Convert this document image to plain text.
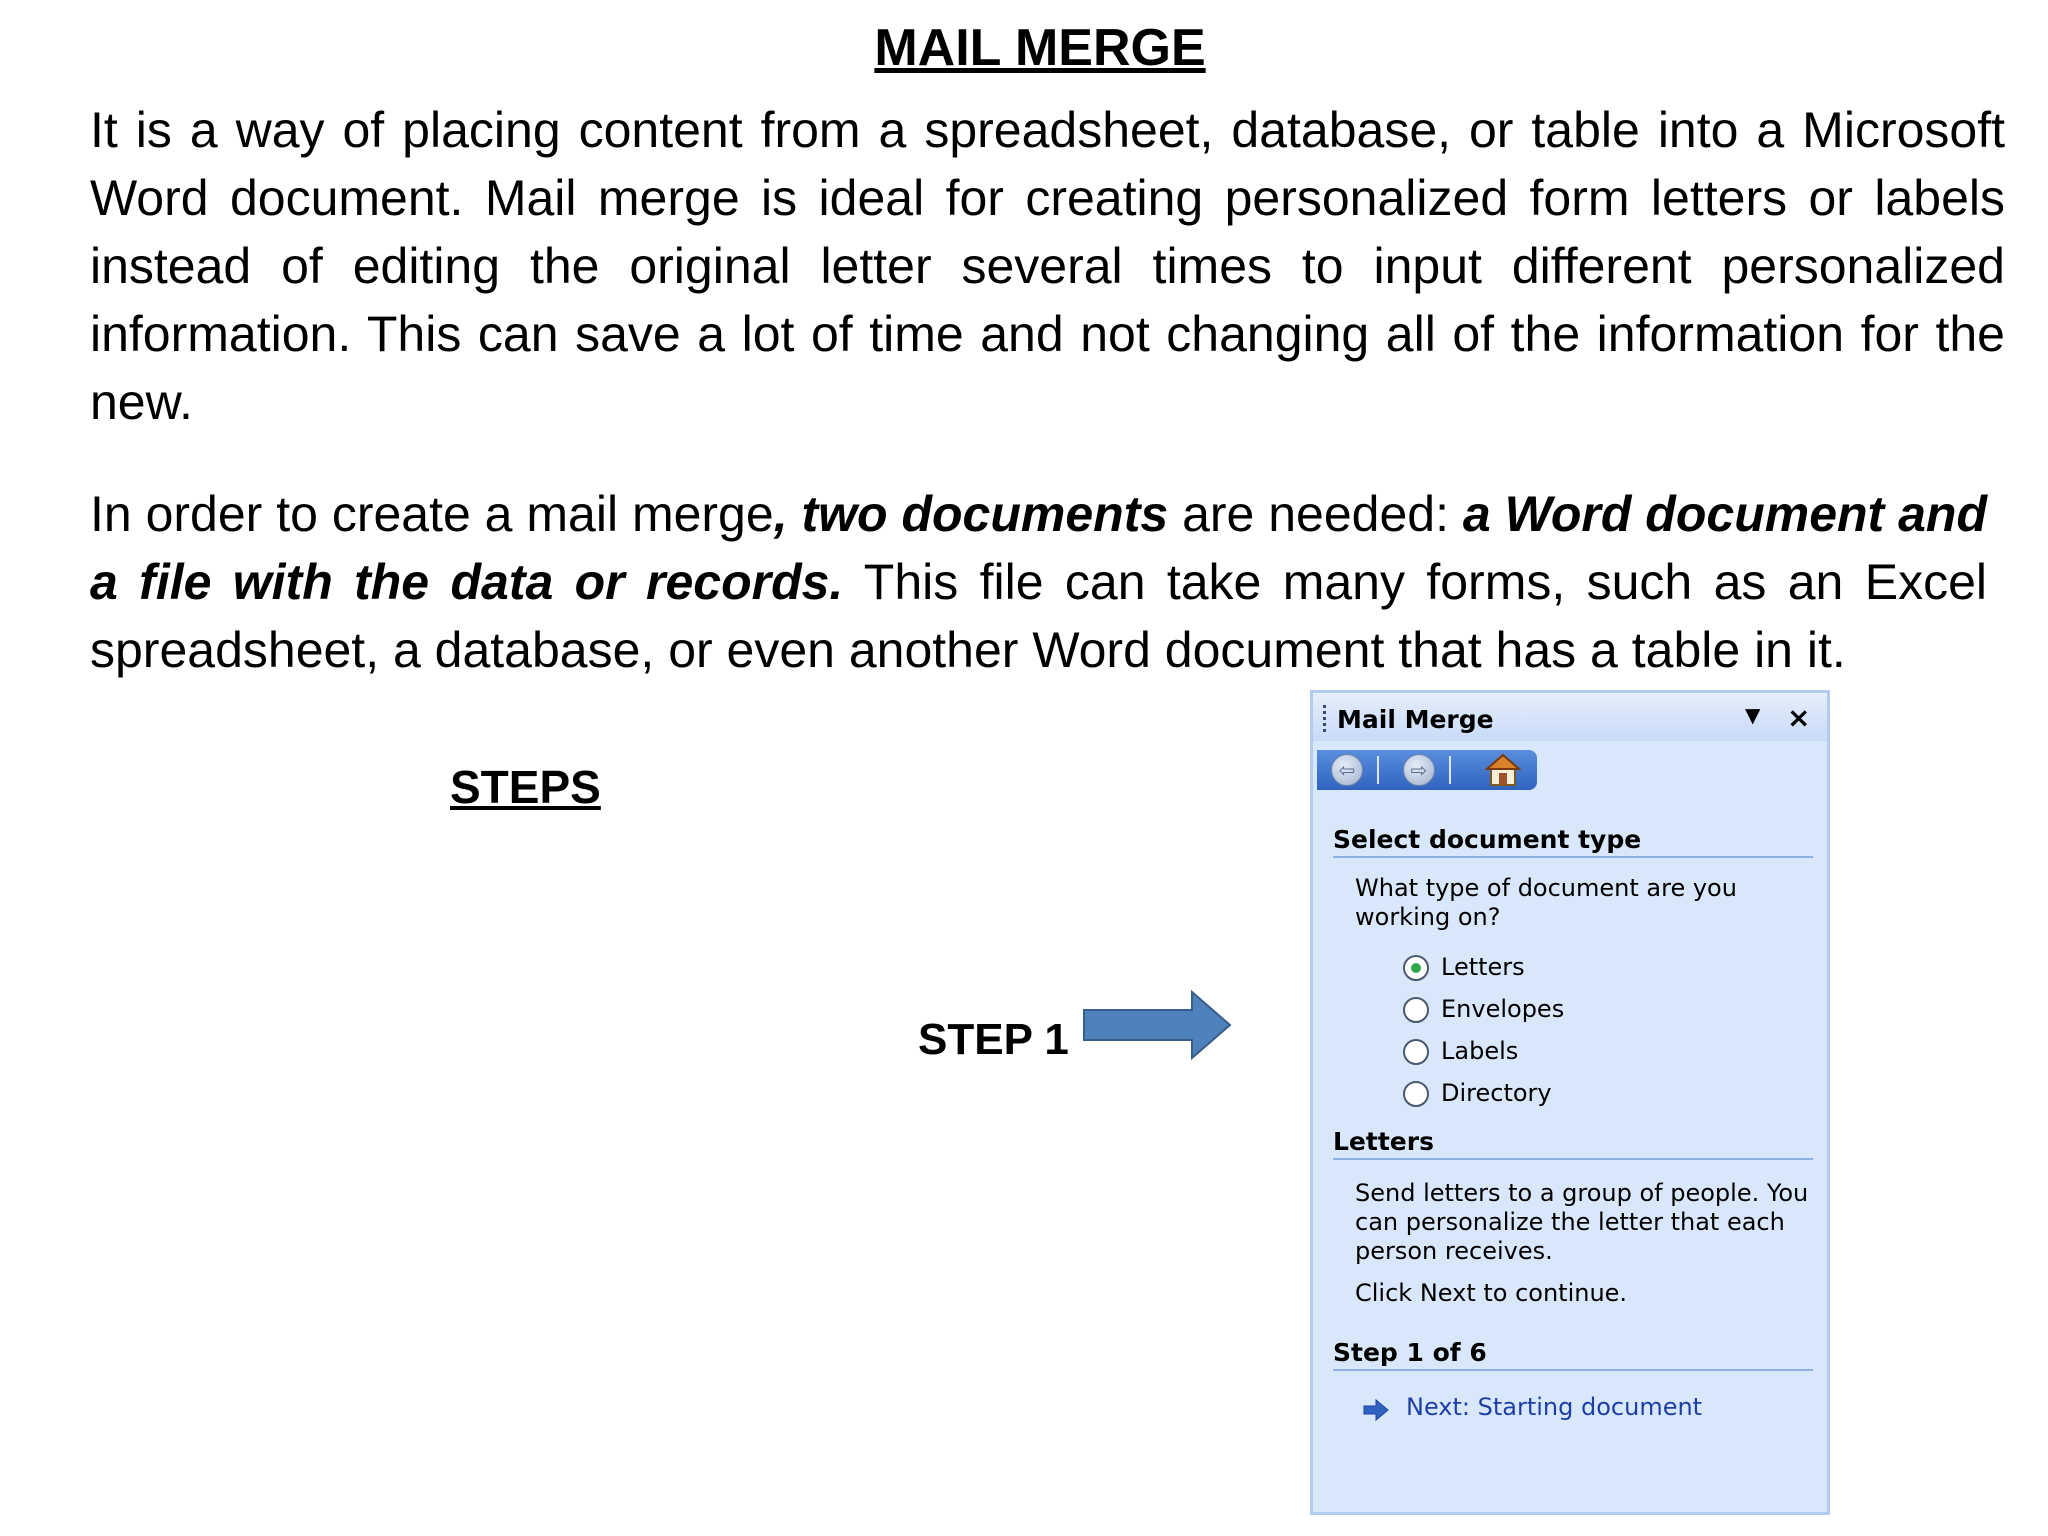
MAIL MERGE

It is a way of placing content from a spreadsheet, database, or table into a Microsoft Word document. Mail merge is ideal for creating personalized form letters or labels instead of editing the original letter several times to input different personalized information. This can save a lot of time and not changing all of the information for the new.

In order to create a mail merge, two documents are needed: a Word document and a file with the data or records. This file can take many forms, such as an Excel spreadsheet, a database, or even another Word document that has a table in it.

STEPS
STEP 1
Mail Merge	▼ ×
⇦	⇨
Select document type

What type of document are you working on?

Letters
Envelopes
Labels
Directory
Letters

Send letters to a group of people. You can personalize the letter that each person receives.

Click Next to continue.

Step 1 of 6
Next: Starting document
